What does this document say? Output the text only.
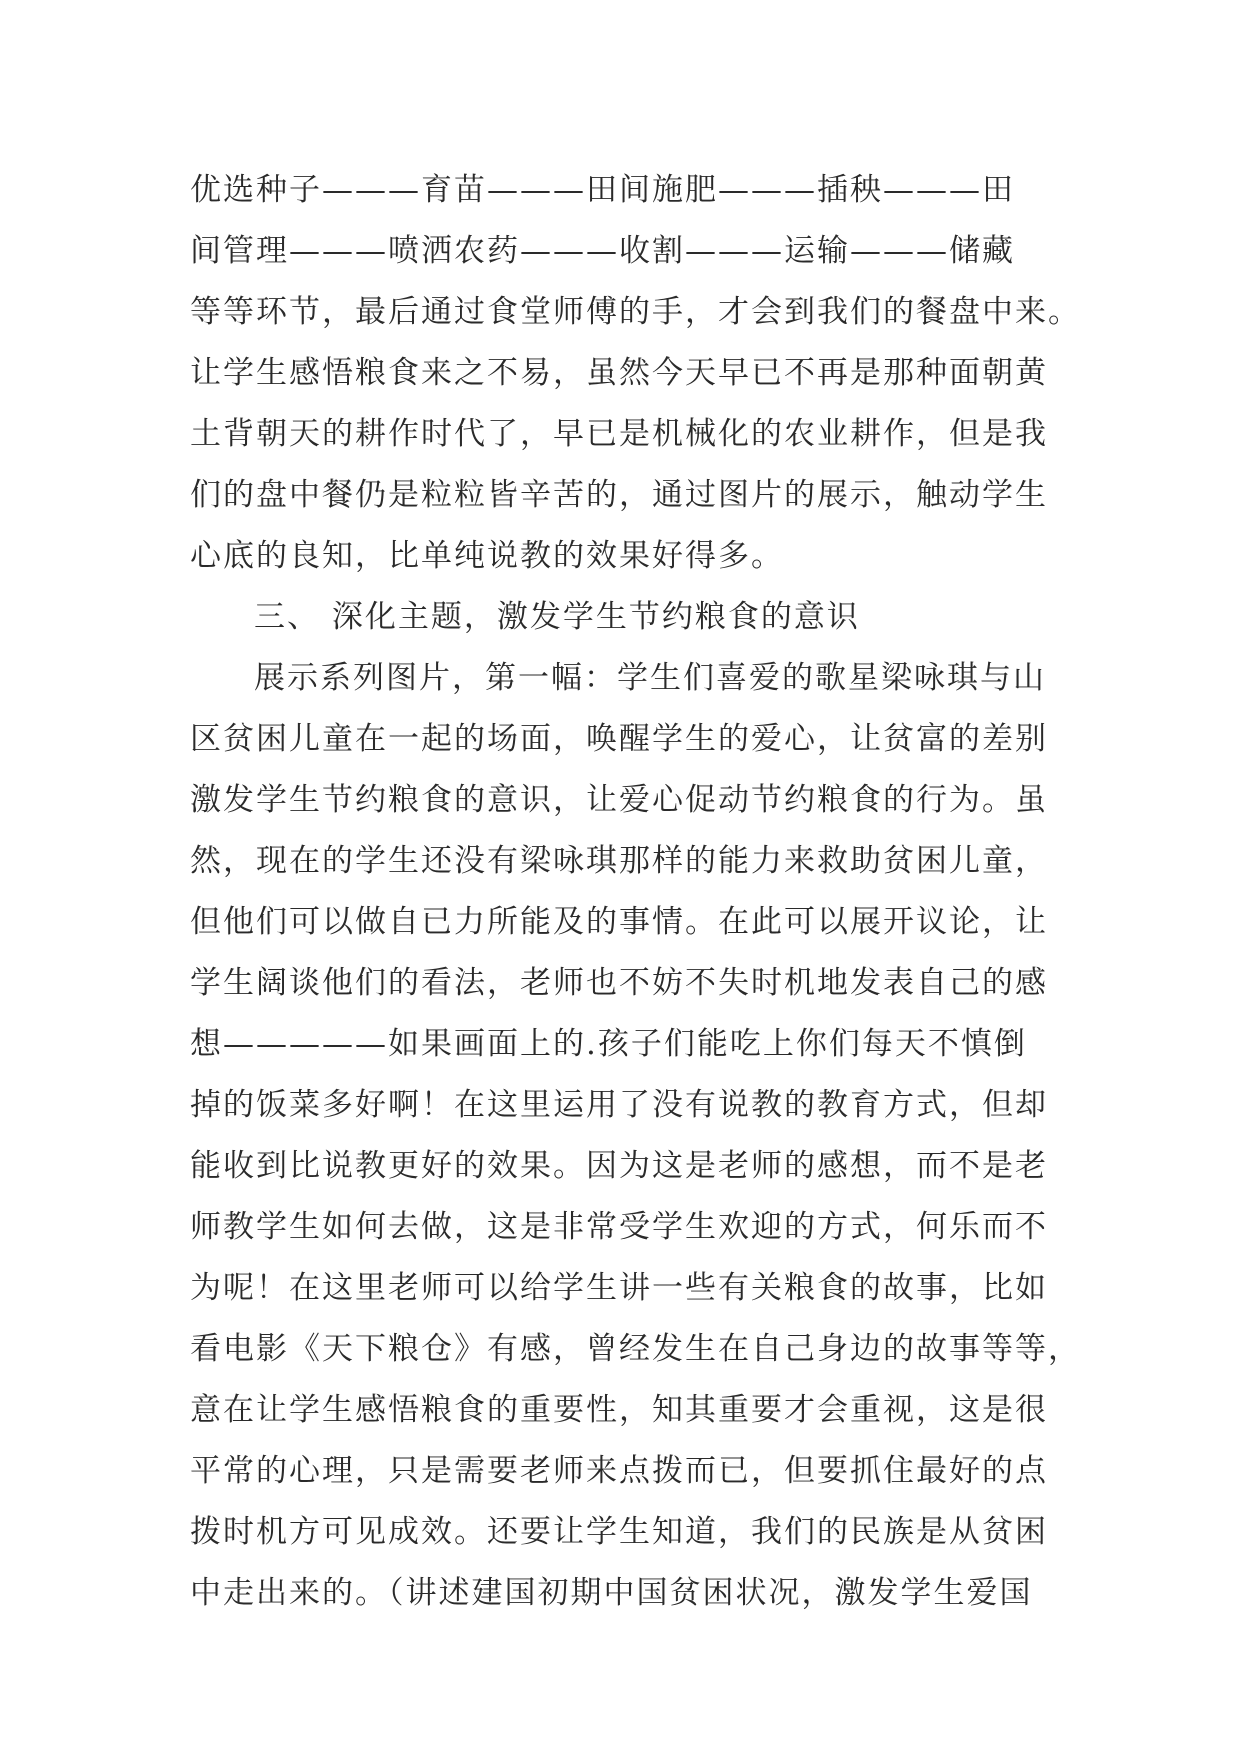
优选种子———育苗———田间施肥———插秧———田
间管理———喷洒农药———收割———运输———储藏
等等环节，最后通过食堂师傅的手，才会到我们的餐盘中来。
让学生感悟粮食来之不易，虽然今天早已不再是那种面朝黄
土背朝天的耕作时代了，早已是机械化的农业耕作，但是我
们的盘中餐仍是粒粒皆辛苦的，通过图片的展示，触动学生
心底的良知，比单纯说教的效果好得多。
三、 深化主题，激发学生节约粮食的意识
展示系列图片，第一幅：学生们喜爱的歌星梁咏琪与山
区贫困儿童在一起的场面，唤醒学生的爱心，让贫富的差别
激发学生节约粮食的意识，让爱心促动节约粮食的行为。虽
然，现在的学生还没有梁咏琪那样的能力来救助贫困儿童，
但他们可以做自已力所能及的事情。在此可以展开议论，让
学生阔谈他们的看法，老师也不妨不失时机地发表自己的感
想—————如果画面上的.孩子们能吃上你们每天不慎倒
掉的饭菜多好啊！在这里运用了没有说教的教育方式，但却
能收到比说教更好的效果。因为这是老师的感想，而不是老
师教学生如何去做，这是非常受学生欢迎的方式，何乐而不
为呢！在这里老师可以给学生讲一些有关粮食的故事，比如
看电影《天下粮仓》有感，曾经发生在自己身边的故事等等，
意在让学生感悟粮食的重要性，知其重要才会重视，这是很
平常的心理，只是需要老师来点拨而已，但要抓住最好的点
拨时机方可见成效。还要让学生知道，我们的民族是从贫困
中走出来的。（讲述建国初期中国贫困状况，激发学生爱国
